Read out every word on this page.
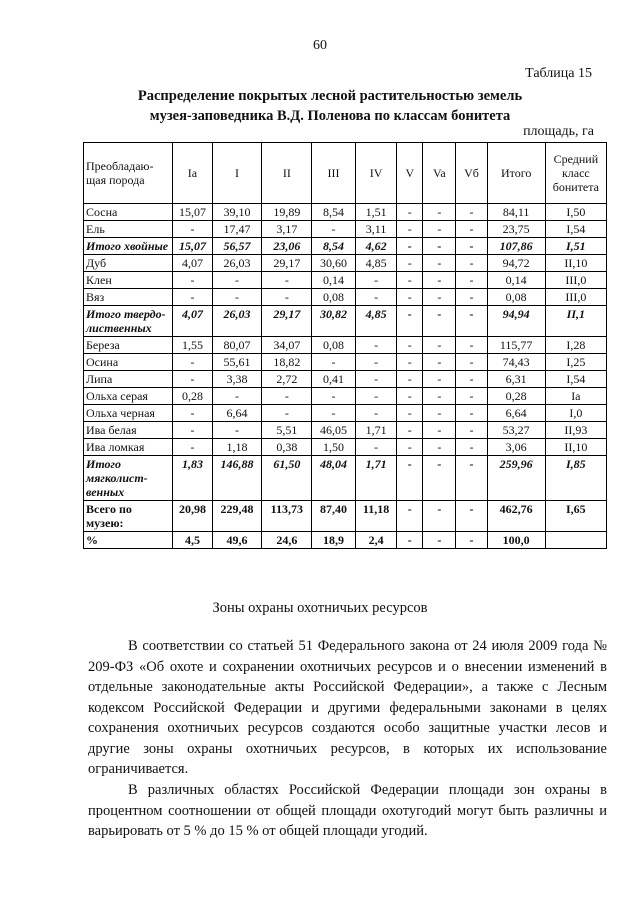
60
Таблица 15
Распределение покрытых лесной растительностью земель
музея-заповедника В.Д. Поленова по классам бонитета
площадь, га
Преобладаю-щая порода	Ia	I	II	III	IV	V	Va	Vб	Итого	Средний класс бонитета
Сосна	15,07	39,10	19,89	8,54	1,51	-	-	-	84,11	I,50
Ель	-	17,47	3,17	-	3,11	-	-	-	23,75	I,54
Итого хвойные	15,07	56,57	23,06	8,54	4,62	-	-	-	107,86	I,51
Дуб	4,07	26,03	29,17	30,60	4,85	-	-	-	94,72	II,10
Клен	-	-	-	0,14	-	-	-	-	0,14	III,0
Вяз	-	-	-	0,08	-	-	-	-	0,08	III,0
Итого твердо-лиственных	4,07	26,03	29,17	30,82	4,85	-	-	-	94,94	II,1
Береза	1,55	80,07	34,07	0,08	-	-	-	-	115,77	I,28
Осина	-	55,61	18,82	-	-	-	-	-	74,43	I,25
Липа	-	3,38	2,72	0,41	-	-	-	-	6,31	I,54
Ольха серая	0,28	-	-	-	-	-	-	-	0,28	Ia
Ольха черная	-	6,64	-	-	-	-	-	-	6,64	I,0
Ива белая	-	-	5,51	46,05	1,71	-	-	-	53,27	II,93
Ива ломкая	-	1,18	0,38	1,50	-	-	-	-	3,06	II,10
Итого мягколист-венных	1,83	146,88	61,50	48,04	1,71	-	-	-	259,96	I,85
Всего по музею:	20,98	229,48	113,73	87,40	11,18	-	-	-	462,76	I,65
%	4,5	49,6	24,6	18,9	2,4	-	-	-	100,0	
Зоны охраны охотничьих ресурсов

В соответствии со статьей 51 Федерального закона от 24 июля 2009 года № 209-ФЗ «Об охоте и сохранении охотничьих ресурсов и о внесении изменений в отдельные законодательные акты Российской Федерации», а также с Лесным кодексом Российской Федерации и другими федеральными законами в целях сохранения охотничьих ресурсов создаются особо защитные участки лесов и другие зоны охраны охотничьих ресурсов, в которых их использование ограничивается.

В различных областях Российской Федерации площади зон охраны в процентном соотношении от общей площади охотугодий могут быть различны и варьировать от 5 % до 15 % от общей площади угодий.
